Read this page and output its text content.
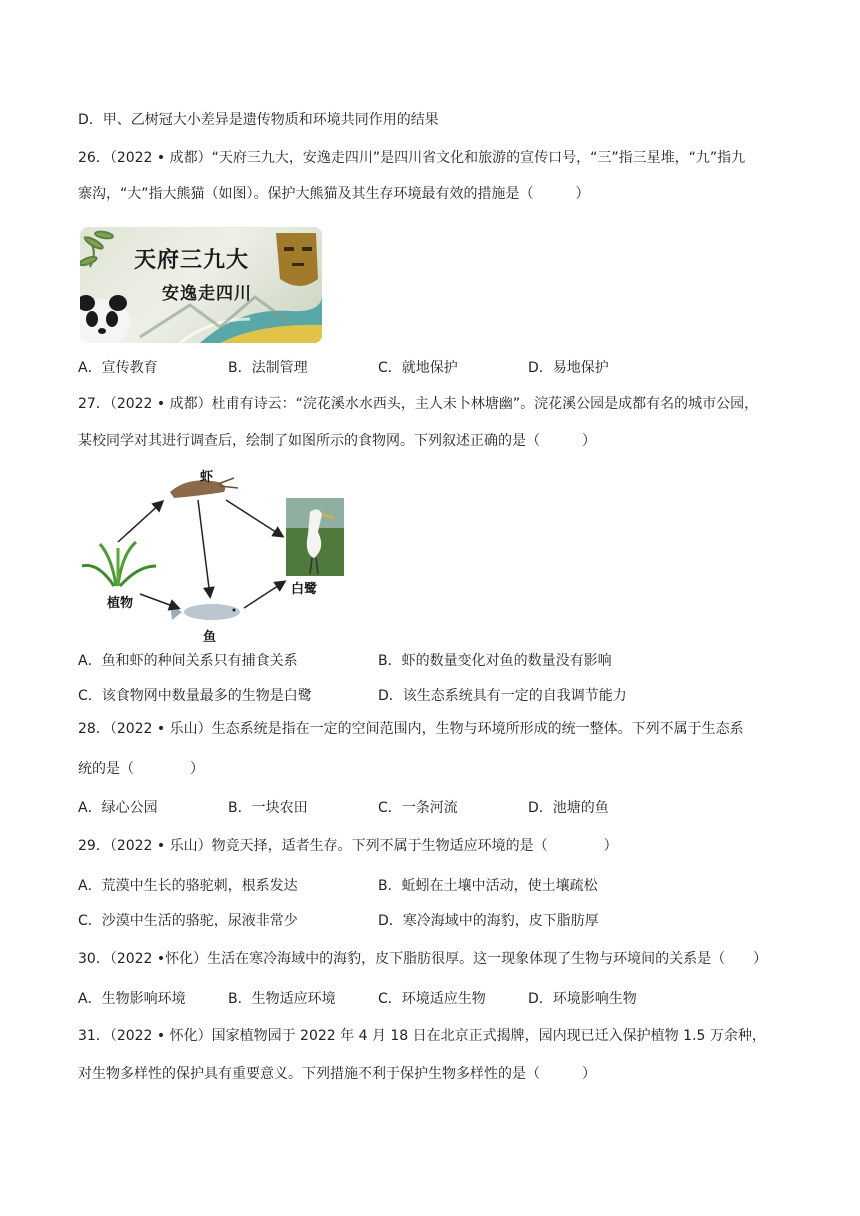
D．甲、乙树冠大小差异是遗传物质和环境共同作用的结果
26．（2022 • 成都）“天府三九大，安逸走四川”是四川省文化和旅游的宣传口号，“三”指三星堆，“九”指九
寨沟，“大”指大熊猫（如图）。保护大熊猫及其生存环境最有效的措施是（　　　）
天府三九大
安逸走四川
A．宣传教育	B．法制管理	C．就地保护	D．易地保护
27．（2022 • 成都）杜甫有诗云：“浣花溪水水西头，主人未卜林塘幽”。浣花溪公园是成都有名的城市公园，
某校同学对其进行调查后，绘制了如图所示的食物网。下列叙述正确的是（　　　）
虾
植物
鱼
白鹭
A．鱼和虾的种间关系只有捕食关系	B．虾的数量变化对鱼的数量没有影响
C．该食物网中数量最多的生物是白鹭	D．该生态系统具有一定的自我调节能力
28．（2022 • 乐山）生态系统是指在一定的空间范围内，生物与环境所形成的统一整体。下列不属于生态系
统的是（　　　　）
A．绿心公园	B．一块农田	C．一条河流	D．池塘的鱼
29．（2022 • 乐山）物竞天择，适者生存。下列不属于生物适应环境的是（　　　　）
A．荒漠中生长的骆驼刺，根系发达	B．蚯蚓在土壤中活动，使土壤疏松
C．沙漠中生活的骆驼，尿液非常少	D．寒冷海域中的海豹，皮下脂肪厚
30．（2022 •怀化）生活在寒冷海域中的海豹，皮下脂肪很厚。这一现象体现了生物与环境间的关系是（　　）
A．生物影响环境	B．生物适应环境	C．环境适应生物	D．环境影响生物
31．（2022 • 怀化）国家植物园于 2022 年 4 月 18 日在北京正式揭牌，园内现已迁入保护植物 1.5 万余种，
对生物多样性的保护具有重要意义。下列措施不利于保护生物多样性的是（　　　）
